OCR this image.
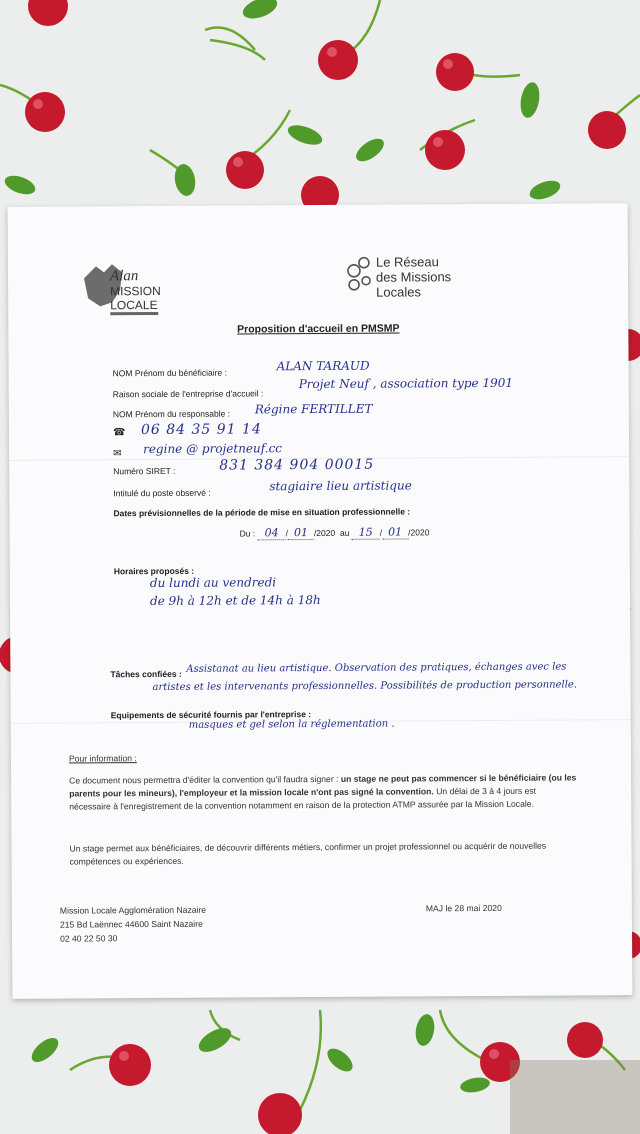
Alan
MISSION
LOCALE
Le Réseau
des Missions
Locales
Proposition d'accueil en PMSMP
NOM Prénom du bénéficiaire :	ALAN TARAUD
Raison sociale de l'entreprise d'accueil :
Projet Neuf , association type 1901
NOM Prénom du responsable : Régine FERTILLET
☎ 06 84 35 91 14
✉ regine @ projetneuf.cc
Numéro SIRET :	831 384 904 00015
Intitulé du poste observé :	stagiaire lieu artistique
Dates prévisionnelles de la période de mise en situation professionnelle :
Du : 04 / 01 /2020 au 15 / 01 /2020
Horaires proposés :
du lundi au vendredi
de 9h à 12h et de 14h à 18h
Tâches confiées : Assistanat au lieu artistique. Observation des pratiques, échanges avec les
artistes et les intervenants professionnelles. Possibilités de production personnelle.
Equipements de sécurité fournis par l'entreprise :
masques et gel selon la réglementation .
Pour information :
Ce document nous permettra d'éditer la convention qu'il faudra signer : un stage ne peut pas commencer si le bénéficiaire (ou les parents pour les mineurs), l'employeur et la mission locale n'ont pas signé la convention. Un délai de 3 à 4 jours est nécessaire à l'enregistrement de la convention notamment en raison de la protection ATMP assurée par la Mission Locale.
Un stage permet aux bénéficiaires, de découvrir différents métiers, confirmer un projet professionnel ou acquérir de nouvelles compétences ou expériences.
Mission Locale Agglomération Nazaire
215 Bd Laënnec 44600 Saint Nazaire
02 40 22 50 30
MAJ le 28 mai 2020
